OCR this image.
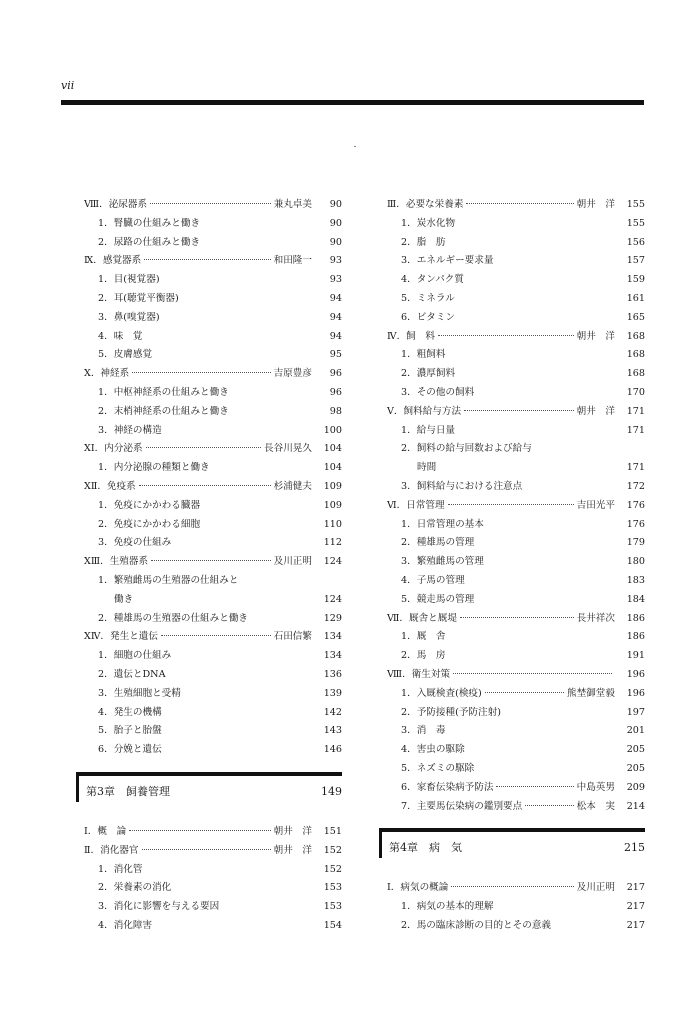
ⅶ
Ⅷ．泌尿器系	兼丸卓美	90
1．腎臓の仕組みと働き	90
2．尿路の仕組みと働き	90
Ⅸ．感覚器系	和田隆一	93
1．目(視覚器)	93
2．耳(聴覚平衡器)	94
3．鼻(嗅覚器)	94
4．味　覚	94
5．皮膚感覚	95
Ⅹ．神経系	吉原豊彦	96
1．中枢神経系の仕組みと働き	96
2．末梢神経系の仕組みと働き	98
3．神経の構造	100
ⅩⅠ．内分泌系	長谷川晃久	104
1．内分泌腺の種類と働き	104
ⅩⅡ．免疫系	杉浦健夫	109
1．免疫にかかわる臓器	109
2．免疫にかかわる細胞	110
3．免疫の仕組み	112
ⅩⅢ．生殖器系	及川正明	124
1．繁殖雌馬の生殖器の仕組みと
働き	124
2．種雄馬の生殖器の仕組みと働き	129
ⅩⅣ．発生と遺伝	石田信繁	134
1．細胞の仕組み	134
2．遺伝とDNA	136
3．生殖細胞と受精	139
4．発生の機構	142
5．胎子と胎盤	143
6．分娩と遺伝	146
第3章　飼養管理	149
Ⅰ．概　論	朝井　洋	151
Ⅱ．消化器官	朝井　洋	152
1．消化管	152
2．栄養素の消化	153
3．消化に影響を与える要因	153
4．消化障害	154
Ⅲ．必要な栄養素	朝井　洋	155
1．炭水化物	155
2．脂　肪	156
3．エネルギー要求量	157
4．タンパク質	159
5．ミネラル	161
6．ビタミン	165
Ⅳ．飼　料	朝井　洋	168
1．粗飼料	168
2．濃厚飼料	168
3．その他の飼料	170
Ⅴ．飼料給与方法	朝井　洋	171
1．給与日量	171
2．飼料の給与回数および給与
時間	171
3．飼料給与における注意点	172
Ⅵ．日常管理	吉田光平	176
1．日常管理の基本	176
2．種雄馬の管理	179
3．繁殖雌馬の管理	180
4．子馬の管理	183
5．競走馬の管理	184
Ⅶ．厩舎と厩堤	長井祥次	186
1．厩　舎	186
2．馬　房	191
Ⅷ．衛生対策	196
1．入厩検査(検疫)	熊埜御堂毅	196
2．予防接種(予防注射)	197
3．消　毒	201
4．害虫の駆除	205
5．ネズミの駆除	205
6．家畜伝染病予防法	中島英男	209
7．主要馬伝染病の鑑別要点	松本　実	214
第4章　病　気	215
Ⅰ．病気の概論	及川正明	217
1．病気の基本的理解	217
2．馬の臨床診断の目的とその意義	217
